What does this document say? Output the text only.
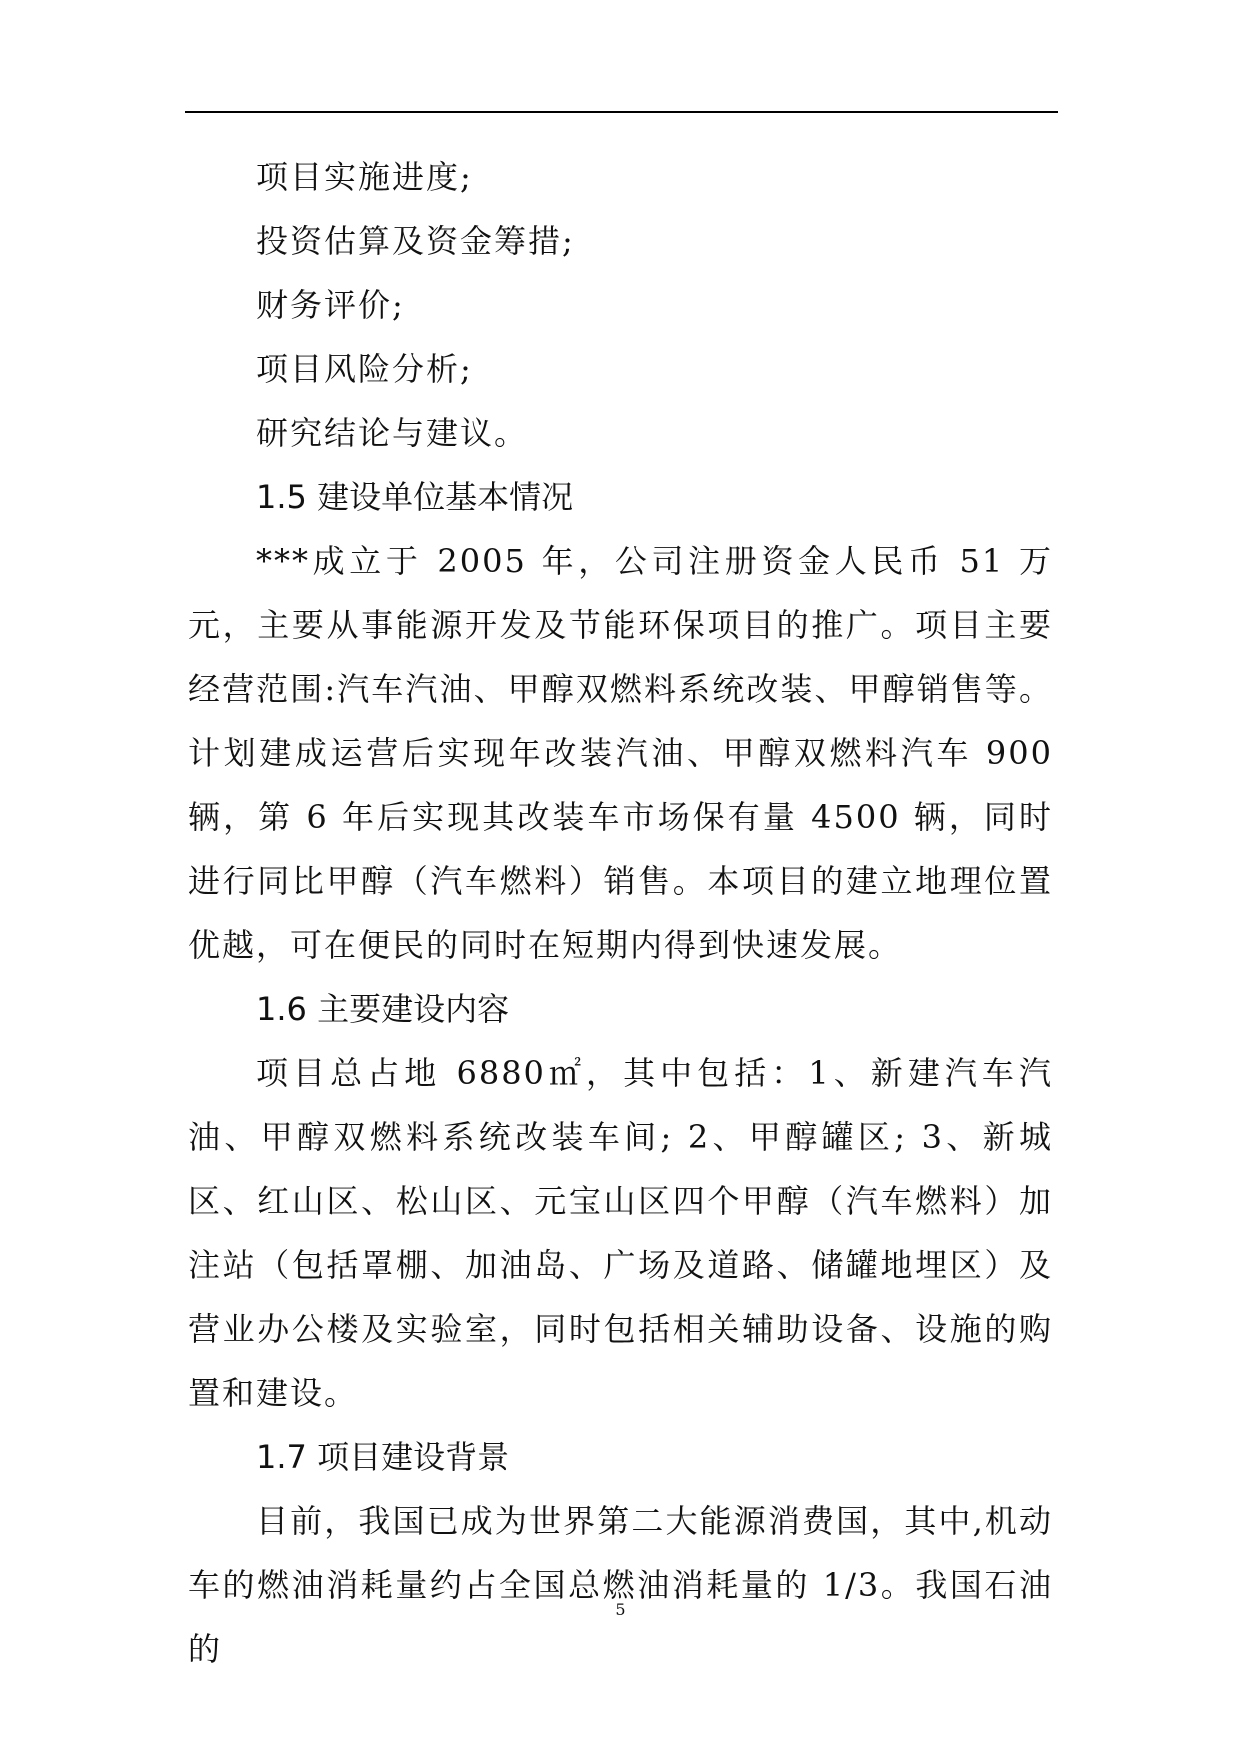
项目实施进度;

投资估算及资金筹措;

财务评价;

项目风险分析;

研究结论与建议。

1.5 建设单位基本情况

***成立于 2005 年，公司注册资金人民币 51 万元，主要从事能源开发及节能环保项目的推广。项目主要经营范围:汽车汽油、甲醇双燃料系统改装、甲醇销售等。计划建成运营后实现年改装汽油、甲醇双燃料汽车 900 辆，第 6 年后实现其改装车市场保有量 4500 辆，同时进行同比甲醇（汽车燃料）销售。本项目的建立地理位置优越，可在便民的同时在短期内得到快速发展。

1.6 主要建设内容

项目总占地 6880㎡，其中包括：1、新建汽车汽油、甲醇双燃料系统改装车间; 2、甲醇罐区; 3、新城区、红山区、松山区、元宝山区四个甲醇（汽车燃料）加注站（包括罩棚、加油岛、广场及道路、储罐地埋区）及营业办公楼及实验室，同时包括相关辅助设备、设施的购置和建设。

1.7 项目建设背景

目前，我国已成为世界第二大能源消费国，其中,机动车的燃油消耗量约占全国总燃油消耗量的 1/3。我国石油的

5
